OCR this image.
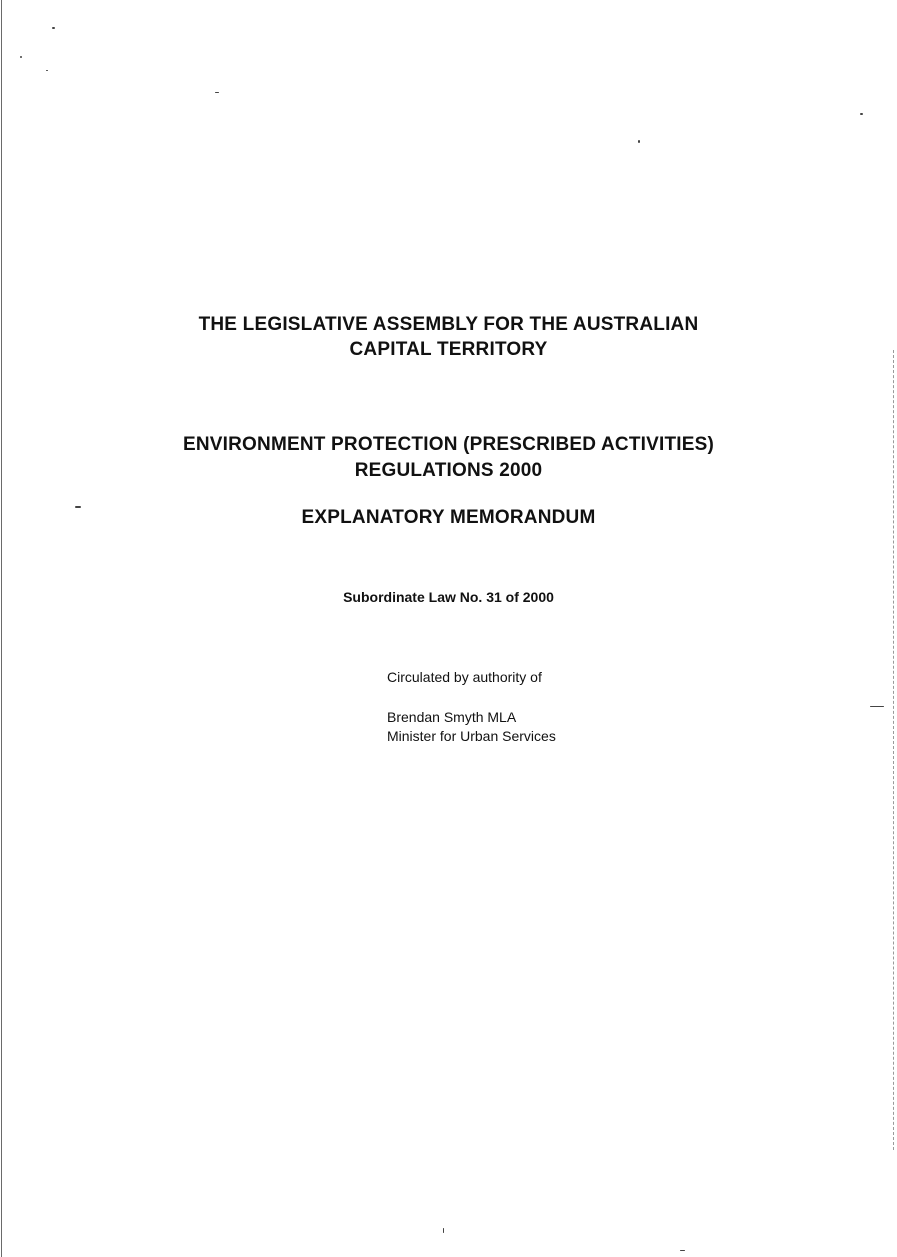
THE LEGISLATIVE ASSEMBLY FOR THE AUSTRALIAN
CAPITAL TERRITORY
ENVIRONMENT PROTECTION (PRESCRIBED ACTIVITIES)
REGULATIONS 2000
EXPLANATORY MEMORANDUM
Subordinate Law No. 31 of 2000
Circulated by authority of
Brendan Smyth MLA
Minister for Urban Services
